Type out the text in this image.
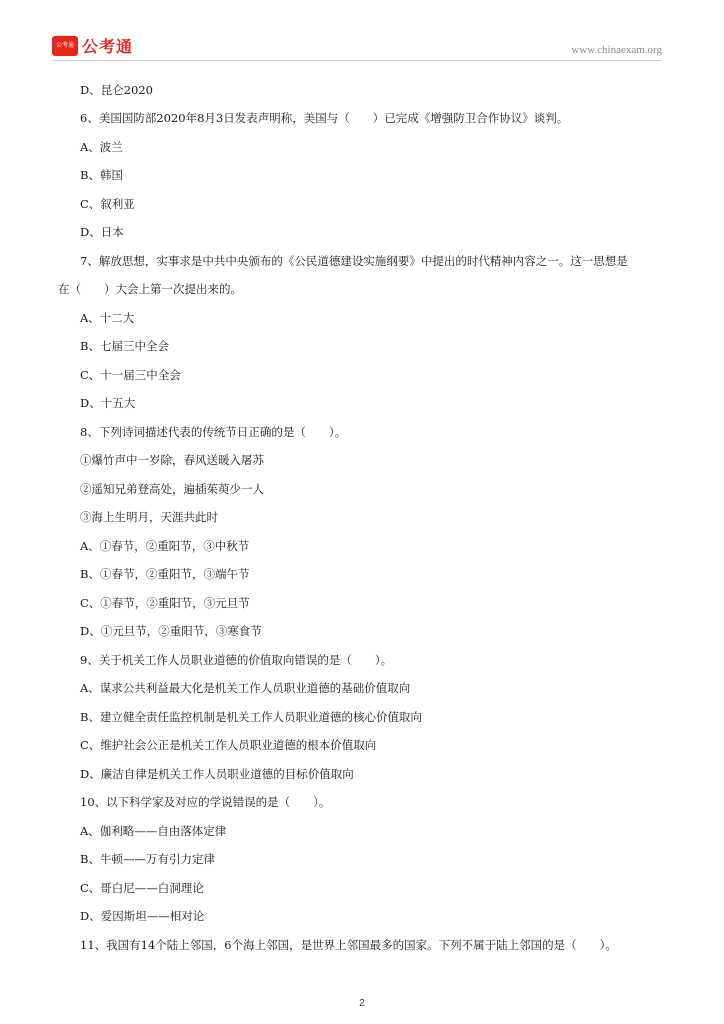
公考通 公考通	www.chinaexam.org
D、昆仑2020
6、美国国防部2020年8月3日发表声明称，美国与（　　）已完成《增强防卫合作协议》谈判。
A、波兰
B、韩国
C、叙利亚
D、日本
7、解放思想，实事求是中共中央颁布的《公民道德建设实施纲要》中提出的时代精神内容之一。这一思想是
在（　　）大会上第一次提出来的。
A、十二大
B、七届三中全会
C、十一届三中全会
D、十五大
8、下列诗词描述代表的传统节日正确的是（　　）。
①爆竹声中一岁除，春风送暖入屠苏
②遥知兄弟登高处，遍插茱萸少一人
③海上生明月，天涯共此时
A、①春节，②重阳节，③中秋节
B、①春节，②重阳节，③端午节
C、①春节，②重阳节，③元旦节
D、①元旦节，②重阳节，③寒食节
9、关于机关工作人员职业道德的价值取向错误的是（　　）。
A、谋求公共利益最大化是机关工作人员职业道德的基础价值取向
B、建立健全责任监控机制是机关工作人员职业道德的核心价值取向
C、维护社会公正是机关工作人员职业道德的根本价值取向
D、廉洁自律是机关工作人员职业道德的目标价值取向
10、以下科学家及对应的学说错误的是（　　）。
A、伽利略——自由落体定律
B、牛顿——万有引力定律
C、哥白尼——白洞理论
D、爱因斯坦——相对论
11、我国有14个陆上邻国，6个海上邻国，是世界上邻国最多的国家。下列不属于陆上邻国的是（　　）。
2
